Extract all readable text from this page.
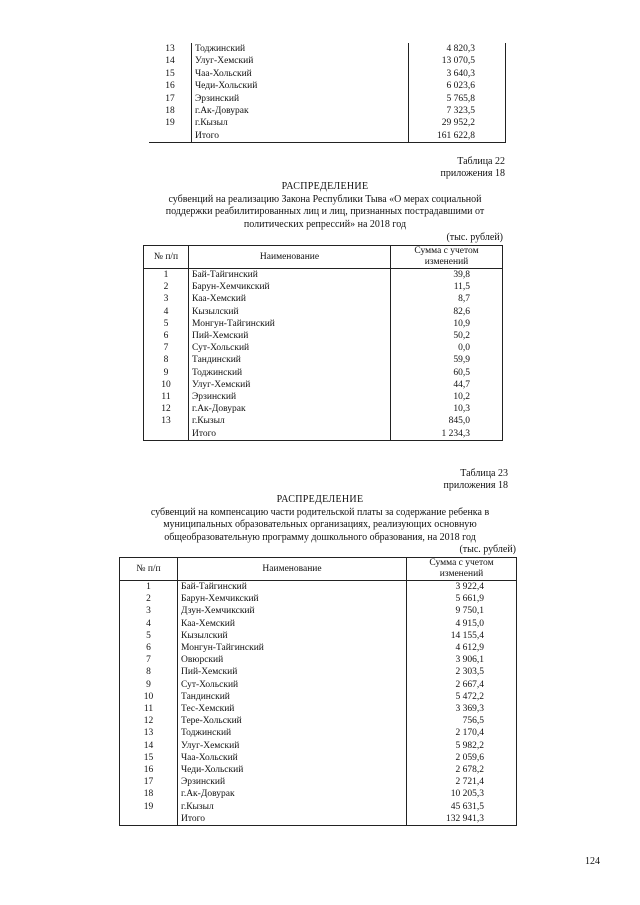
13	Тоджинский	4 820,3
14	Улуг-Хемский	13 070,5
15	Чаа-Хольский	3 640,3
16	Чеди-Хольский	6 023,6
17	Эрзинский	5 765,8
18	г.Ак-Довурак	7 323,5
19	г.Кызыл	29 952,2
	Итого	161 622,8
Таблица 22
приложения 18
РАСПРЕДЕЛЕНИЕ
субвенций на реализацию Закона Республики Тыва «О мерах социальной
поддержки реабилитированных лиц и лиц, признанных пострадавшими от
политических репрессий» на 2018 год
(тыс. рублей)
№ п/п	Наименование	Сумма с учетом
изменений

1	Бай-Тайгинский	39,8
2	Барун-Хемчикский	11,5
3	Каа-Хемский	8,7
4	Кызылский	82,6
5	Монгун-Тайгинский	10,9
6	Пий-Хемский	50,2
7	Сут-Хольский	0,0
8	Тандинский	59,9
9	Тоджинский	60,5
10	Улуг-Хемский	44,7
11	Эрзинский	10,2
12	г.Ак-Довурак	10,3
13	г.Кызыл	845,0
	Итого	1 234,3
Таблица 23
приложения 18
РАСПРЕДЕЛЕНИЕ
субвенций на компенсацию части родительской платы за содержание ребенка в
муниципальных образовательных организациях, реализующих основную
общеобразовательную программу дошкольного образования, на 2018 год
(тыс. рублей)
№ п/п	Наименование	Сумма с учетом
изменений

1	Бай-Тайгинский	3 922,4
2	Барун-Хемчикский	5 661,9
3	Дзун-Хемчикский	9 750,1
4	Каа-Хемский	4 915,0
5	Кызылский	14 155,4
6	Монгун-Тайгинский	4 612,9
7	Овюрский	3 906,1
8	Пий-Хемский	2 303,5
9	Сут-Хольский	2 667,4
10	Тандинский	5 472,2
11	Тес-Хемский	3 369,3
12	Тере-Хольский	756,5
13	Тоджинский	2 170,4
14	Улуг-Хемский	5 982,2
15	Чаа-Хольский	2 059,6
16	Чеди-Хольский	2 678,2
17	Эрзинский	2 721,4
18	г.Ак-Довурак	10 205,3
19	г.Кызыл	45 631,5
	Итого	132 941,3
124
